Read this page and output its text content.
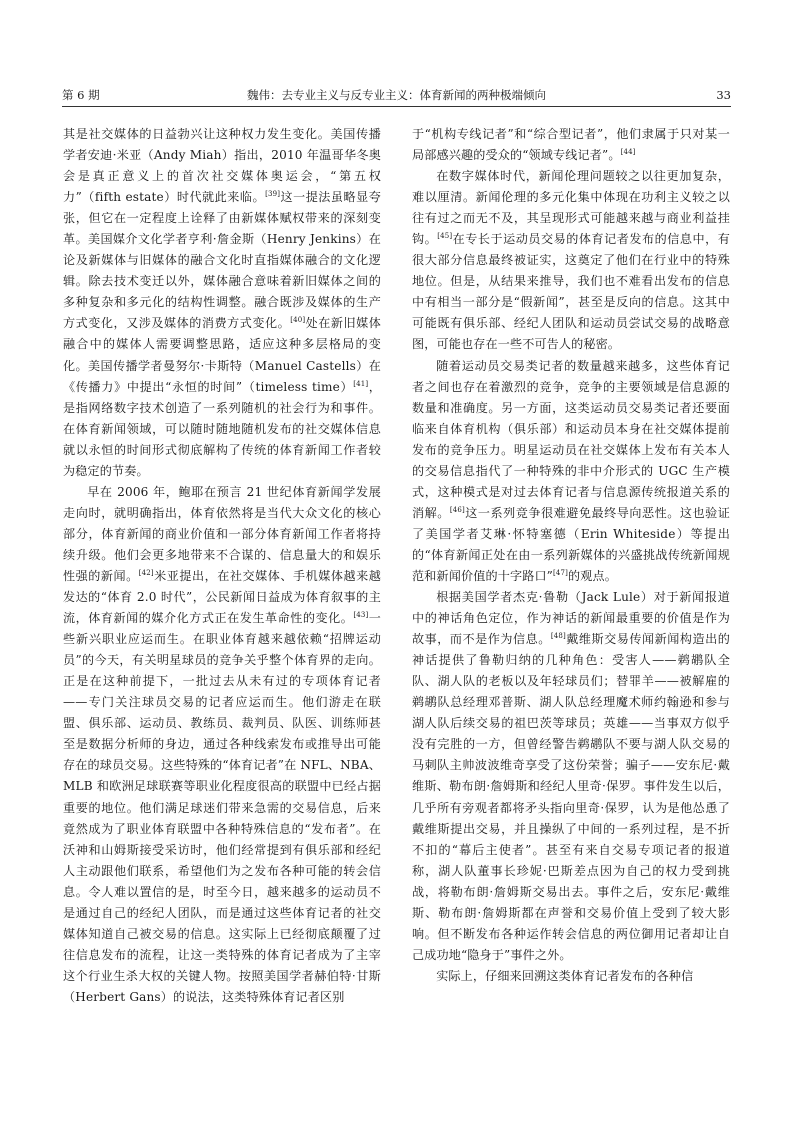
第 6 期	魏伟：去专业主义与反专业主义：体育新闻的两种极端倾向	33

其是社交媒体的日益勃兴让这种权力发生变化。美国传播学者安迪·米亚（Andy Miah）指出，2010 年温哥华冬奥会是真正意义上的首次社交媒体奥运会，“第五权力”（fifth estate）时代就此来临。[39]这一提法虽略显夸张，但它在一定程度上诠释了由新媒体赋权带来的深刻变革。美国媒介文化学者亨利·詹金斯（Henry Jenkins）在论及新媒体与旧媒体的融合文化时直指媒体融合的文化逻辑。除去技术变迁以外，媒体融合意味着新旧媒体之间的多种复杂和多元化的结构性调整。融合既涉及媒体的生产方式变化，又涉及媒体的消费方式变化。[40]处在新旧媒体融合中的媒体人需要调整思路，适应这种多层格局的变化。美国传播学者曼努尔·卡斯特（Manuel Castells）在《传播力》中提出“永恒的时间”（timeless time）[41]，是指网络数字技术创造了一系列随机的社会行为和事件。在体育新闻领域，可以随时随地随机发布的社交媒体信息就以永恒的时间形式彻底解构了传统的体育新闻工作者较为稳定的节奏。

早在 2006 年，鲍耶在预言 21 世纪体育新闻学发展走向时，就明确指出，体育依然将是当代大众文化的核心部分，体育新闻的商业价值和一部分体育新闻工作者将持续升级。他们会更多地带来不合谋的、信息量大的和娱乐性强的新闻。[42]米亚提出，在社交媒体、手机媒体越来越发达的“体育 2.0 时代”，公民新闻日益成为体育叙事的主流，体育新闻的媒介化方式正在发生革命性的变化。[43]一些新兴职业应运而生。在职业体育越来越依赖“招牌运动员”的今天，有关明星球员的竞争关乎整个体育界的走向。正是在这种前提下，一批过去从未有过的专项体育记者——专门关注球员交易的记者应运而生。他们游走在联盟、俱乐部、运动员、教练员、裁判员、队医、训练师甚至是数据分析师的身边，通过各种线索发布或推导出可能存在的球员交易。这些特殊的“体育记者”在 NFL、NBA、MLB 和欧洲足球联赛等职业化程度很高的联盟中已经占据重要的地位。他们满足球迷们带来急需的交易信息，后来竟然成为了职业体育联盟中各种特殊信息的“发布者”。在沃神和山姆斯接受采访时，他们经常提到有俱乐部和经纪人主动跟他们联系，希望他们为之发布各种可能的转会信息。令人难以置信的是，时至今日，越来越多的运动员不是通过自己的经纪人团队，而是通过这些体育记者的社交媒体知道自己被交易的信息。这实际上已经彻底颠覆了过往信息发布的流程，让这一类特殊的体育记者成为了主宰这个行业生杀大权的关键人物。按照美国学者赫伯特·甘斯（Herbert Gans）的说法，这类特殊体育记者区别

于“机构专线记者”和“综合型记者”，他们隶属于只对某一局部感兴趣的受众的“领域专线记者”。[44]

在数字媒体时代，新闻伦理问题较之以往更加复杂，难以厘清。新闻伦理的多元化集中体现在功利主义较之以往有过之而无不及，其呈现形式可能越来越与商业利益挂钩。[45]在专长于运动员交易的体育记者发布的信息中，有很大部分信息最终被证实，这奠定了他们在行业中的特殊地位。但是，从结果来推导，我们也不难看出发布的信息中有相当一部分是“假新闻”，甚至是反向的信息。这其中可能既有俱乐部、经纪人团队和运动员尝试交易的战略意图，可能也存在一些不可告人的秘密。

随着运动员交易类记者的数量越来越多，这些体育记者之间也存在着激烈的竞争，竞争的主要领域是信息源的数量和准确度。另一方面，这类运动员交易类记者还要面临来自体育机构（俱乐部）和运动员本身在社交媒体提前发布的竞争压力。明星运动员在社交媒体上发布有关本人的交易信息指代了一种特殊的非中介形式的 UGC 生产模式，这种模式是对过去体育记者与信息源传统报道关系的消解。[46]这一系列竞争很难避免最终导向恶性。这也验证了美国学者艾琳·怀特塞德（Erin Whiteside）等提出的“体育新闻正处在由一系列新媒体的兴盛挑战传统新闻规范和新闻价值的十字路口”[47]的观点。

根据美国学者杰克·鲁勒（Jack Lule）对于新闻报道中的神话角色定位，作为神话的新闻最重要的价值是作为故事，而不是作为信息。[48]戴维斯交易传闻新闻构造出的神话提供了鲁勒归纳的几种角色：受害人——鹈鹕队全队、湖人队的老板以及年轻球员们；替罪羊——被解雇的鹈鹕队总经理邓普斯、湖人队总经理魔术师约翰逊和参与湖人队后续交易的祖巴茨等球员；英雄——当事双方似乎没有完胜的一方，但曾经警告鹈鹕队不要与湖人队交易的马刺队主帅波波维奇享受了这份荣誉；骗子——安东尼·戴维斯、勒布朗·詹姆斯和经纪人里奇·保罗。事件发生以后，几乎所有旁观者都将矛头指向里奇·保罗，认为是他怂恿了戴维斯提出交易，并且操纵了中间的一系列过程，是不折不扣的“幕后主使者”。甚至有来自交易专项记者的报道称，湖人队董事长珍妮·巴斯差点因为自己的权力受到挑战，将勒布朗·詹姆斯交易出去。事件之后，安东尼·戴维斯、勒布朗·詹姆斯都在声誉和交易价值上受到了较大影响。但不断发布各种运作转会信息的两位御用记者却让自己成功地“隐身于”事件之外。

实际上，仔细来回溯这类体育记者发布的各种信
